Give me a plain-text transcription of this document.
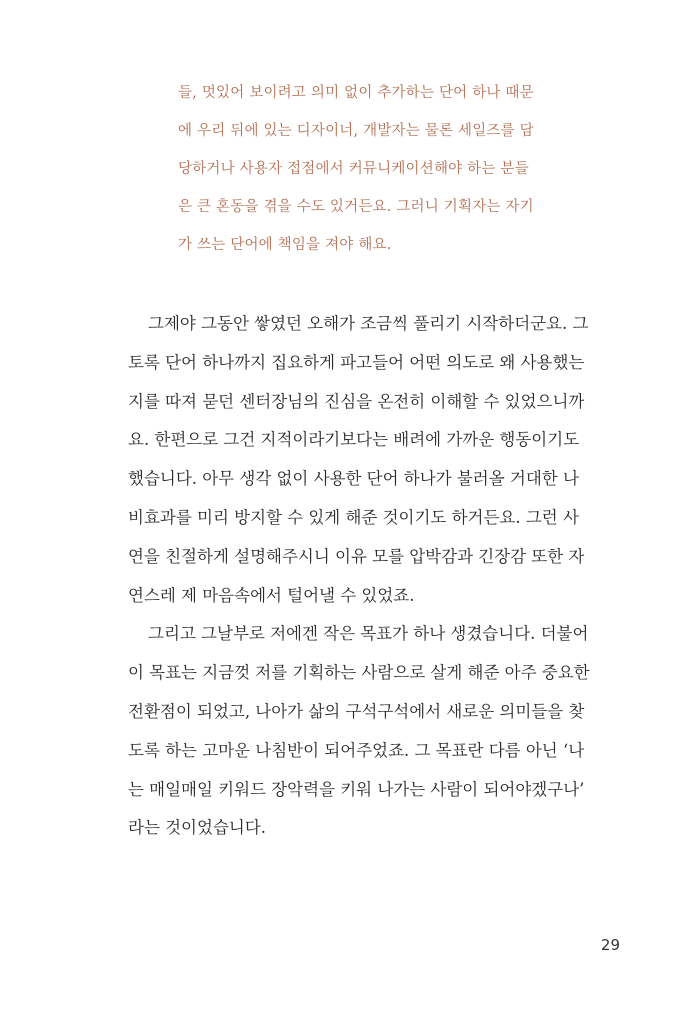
들, 멋있어 보이려고 의미 없이 추가하는 단어 하나 때문
에 우리 뒤에 있는 디자이너, 개발자는 물론 세일즈를 담
당하거나 사용자 접점에서 커뮤니케이션해야 하는 분들
은 큰 혼동을 겪을 수도 있거든요. 그러니 기획자는 자기
가 쓰는 단어에 책임을 져야 해요.
그제야 그동안 쌓였던 오해가 조금씩 풀리기 시작하더군요. 그
토록 단어 하나까지 집요하게 파고들어 어떤 의도로 왜 사용했는
지를 따져 묻던 센터장님의 진심을 온전히 이해할 수 있었으니까
요. 한편으로 그건 지적이라기보다는 배려에 가까운 행동이기도
했습니다. 아무 생각 없이 사용한 단어 하나가 불러올 거대한 나
비효과를 미리 방지할 수 있게 해준 것이기도 하거든요. 그런 사
연을 친절하게 설명해주시니 이유 모를 압박감과 긴장감 또한 자
연스레 제 마음속에서 털어낼 수 있었죠.
그리고 그날부로 저에겐 작은 목표가 하나 생겼습니다. 더불어
이 목표는 지금껏 저를 기획하는 사람으로 살게 해준 아주 중요한
전환점이 되었고, 나아가 삶의 구석구석에서 새로운 의미들을 찾
도록 하는 고마운 나침반이 되어주었죠. 그 목표란 다름 아닌 ‘나
는 매일매일 키워드 장악력을 키워 나가는 사람이 되어야겠구나’
라는 것이었습니다.
29
